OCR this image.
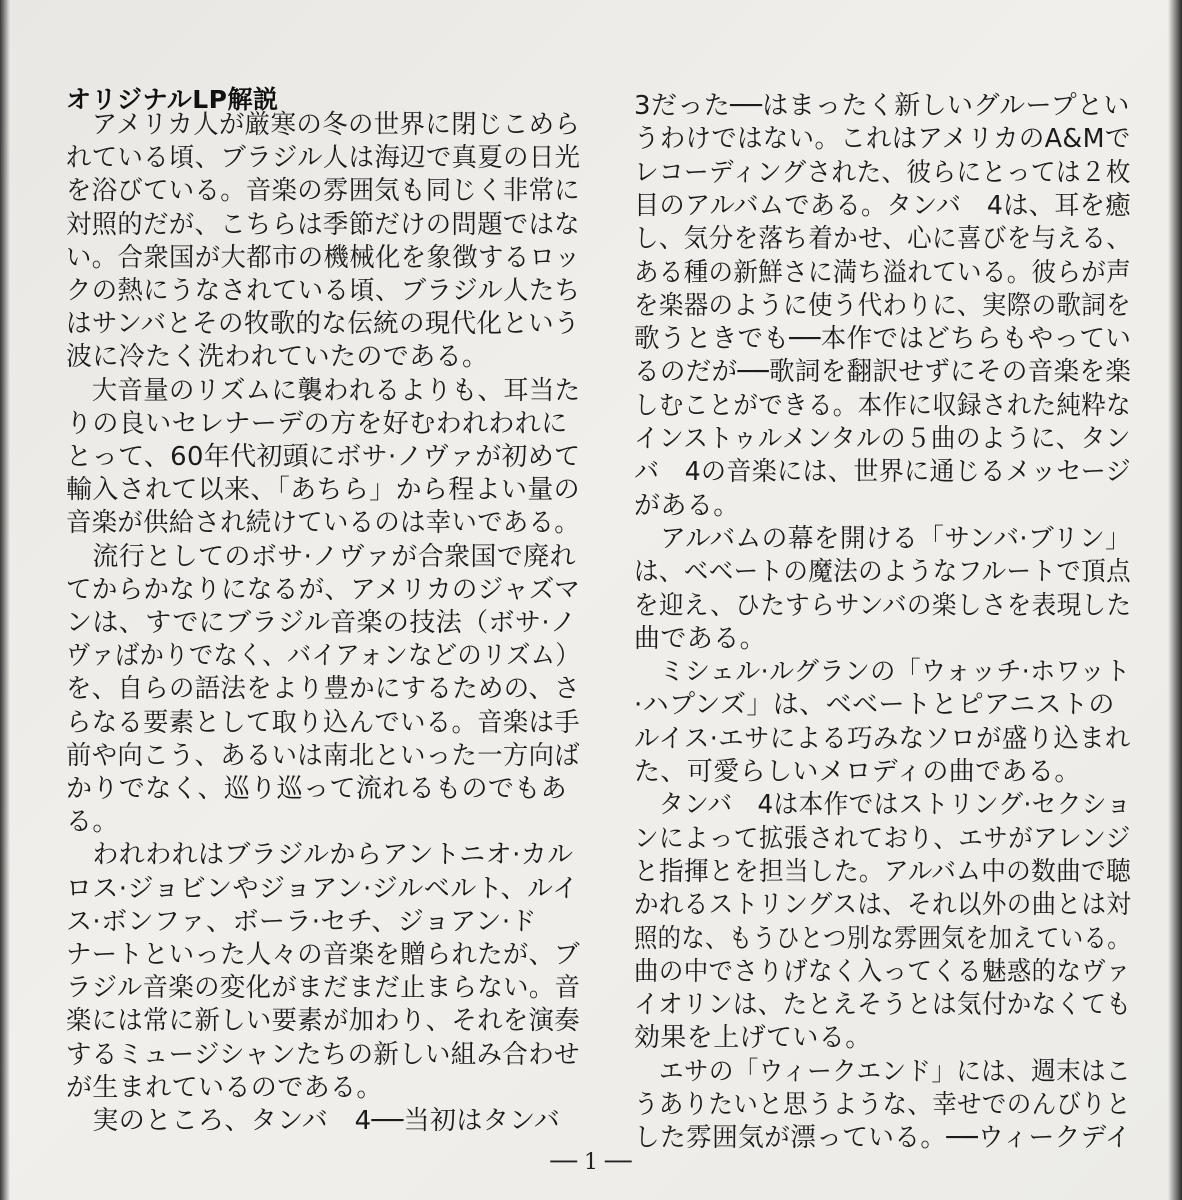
オリジナルLP解説
　アメリカ人が厳寒の冬の世界に閉じこめら
れている頃、ブラジル人は海辺で真夏の日光
を浴びている。音楽の雰囲気も同じく非常に
対照的だが、こちらは季節だけの問題ではな
い。合衆国が大都市の機械化を象徴するロッ
クの熱にうなされている頃、ブラジル人たち
はサンバとその牧歌的な伝統の現代化という
波に冷たく洗われていたのである。
　大音量のリズムに襲われるよりも、耳当た
りの良いセレナーデの方を好むわれわれに
とって、60年代初頭にボサ·ノヴァが初めて
輸入されて以来、「あちら」から程よい量の
音楽が供給され続けているのは幸いである。
　流行としてのボサ·ノヴァが合衆国で廃れ
てからかなりになるが、アメリカのジャズマ
ンは、すでにブラジル音楽の技法（ボサ·ノ
ヴァばかりでなく、バイアォンなどのリズム）
を、自らの語法をより豊かにするための、さ
らなる要素として取り込んでいる。音楽は手
前や向こう、あるいは南北といった一方向ば
かりでなく、巡り巡って流れるものでもあ
る。
　われわれはブラジルからアントニオ·カル
ロス·ジョビンやジョアン·ジルベルト、ルイ
ス·ボンファ、ボーラ·セチ、ジョアン·ド
ナートといった人々の音楽を贈られたが、ブ
ラジル音楽の変化がまだまだ止まらない。音
楽には常に新しい要素が加わり、それを演奏
するミュージシャンたちの新しい組み合わせ
が生まれているのである。
　実のところ、タンバ　4──当初はタンバ
3だった──はまったく新しいグループとい
うわけではない。これはアメリカのA&Mで
レコーディングされた、彼らにとっては２枚
目のアルバムである。タンバ　4は、耳を癒
し、気分を落ち着かせ、心に喜びを与える、
ある種の新鮮さに満ち溢れている。彼らが声
を楽器のように使う代わりに、実際の歌詞を
歌うときでも──本作ではどちらもやってい
るのだが──歌詞を翻訳せずにその音楽を楽
しむことができる。本作に収録された純粋な
インストゥルメンタルの５曲のように、タン
バ　4の音楽には、世界に通じるメッセージ
がある。
　アルバムの幕を開ける「サンバ·ブリン」
は、ベベートの魔法のようなフルートで頂点
を迎え、ひたすらサンバの楽しさを表現した
曲である。
　ミシェル·ルグランの「ウォッチ·ホワット
·ハプンズ」は、ベベートとピアニストの
ルイス·エサによる巧みなソロが盛り込まれ
た、可愛らしいメロディの曲である。
　タンバ　4は本作ではストリング·セクショ
ンによって拡張されており、エサがアレンジ
と指揮とを担当した。アルバム中の数曲で聴
かれるストリングスは、それ以外の曲とは対
照的な、もうひとつ別な雰囲気を加えている。
曲の中でさりげなく入ってくる魅惑的なヴァ
イオリンは、たとえそうとは気付かなくても
効果を上げている。
　エサの「ウィークエンド」には、週末はこ
うありたいと思うような、幸せでのんびりと
した雰囲気が漂っている。──ウィークデイ
── 1 ──
